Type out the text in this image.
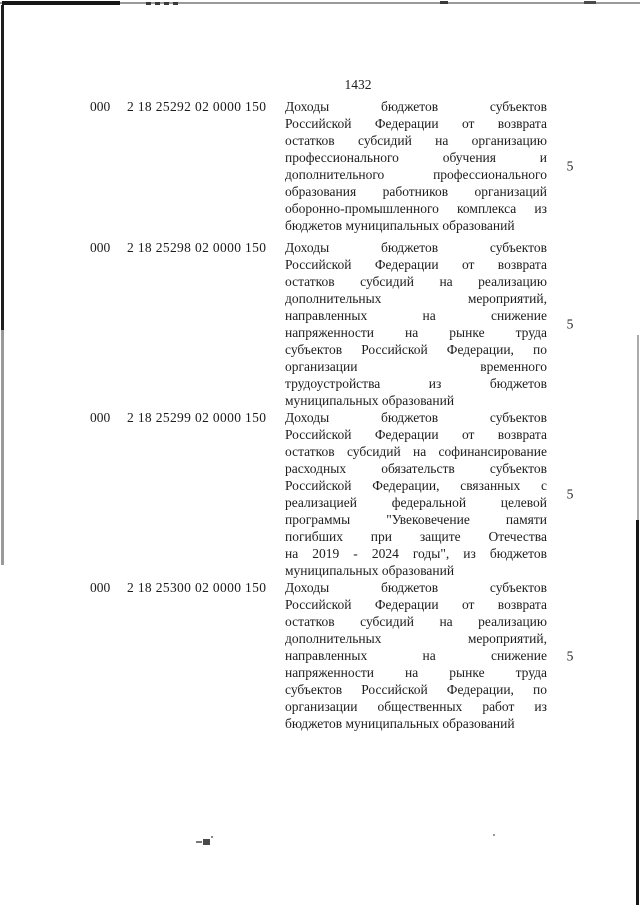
1432
000 2 18 25292 02 0000 150 Доходы бюджетов субъектов
Российской Федерации от возврата
остатков субсидий на организацию
профессионального обучения и
дополнительного профессионального
образования работников организаций
оборонно-промышленного комплекса из
бюджетов муниципальных образований
5
000 2 18 25298 02 0000 150 Доходы бюджетов субъектов
Российской Федерации от возврата
остатков субсидий на реализацию
дополнительных мероприятий,
направленных на снижение
напряженности на рынке труда
субъектов Российской Федерации, по
организации временного
трудоустройства из бюджетов
муниципальных образований
5
000 2 18 25299 02 0000 150 Доходы бюджетов субъектов
Российской Федерации от возврата
остатков субсидий на софинансирование
расходных обязательств субъектов
Российской Федерации, связанных с
реализацией федеральной целевой
программы "Увековечение памяти
погибших при защите Отечества
на 2019 - 2024 годы", из бюджетов
муниципальных образований
5
000 2 18 25300 02 0000 150 Доходы бюджетов субъектов
Российской Федерации от возврата
остатков субсидий на реализацию
дополнительных мероприятий,
направленных на снижение
напряженности на рынке труда
субъектов Российской Федерации, по
организации общественных работ из
бюджетов муниципальных образований
5
